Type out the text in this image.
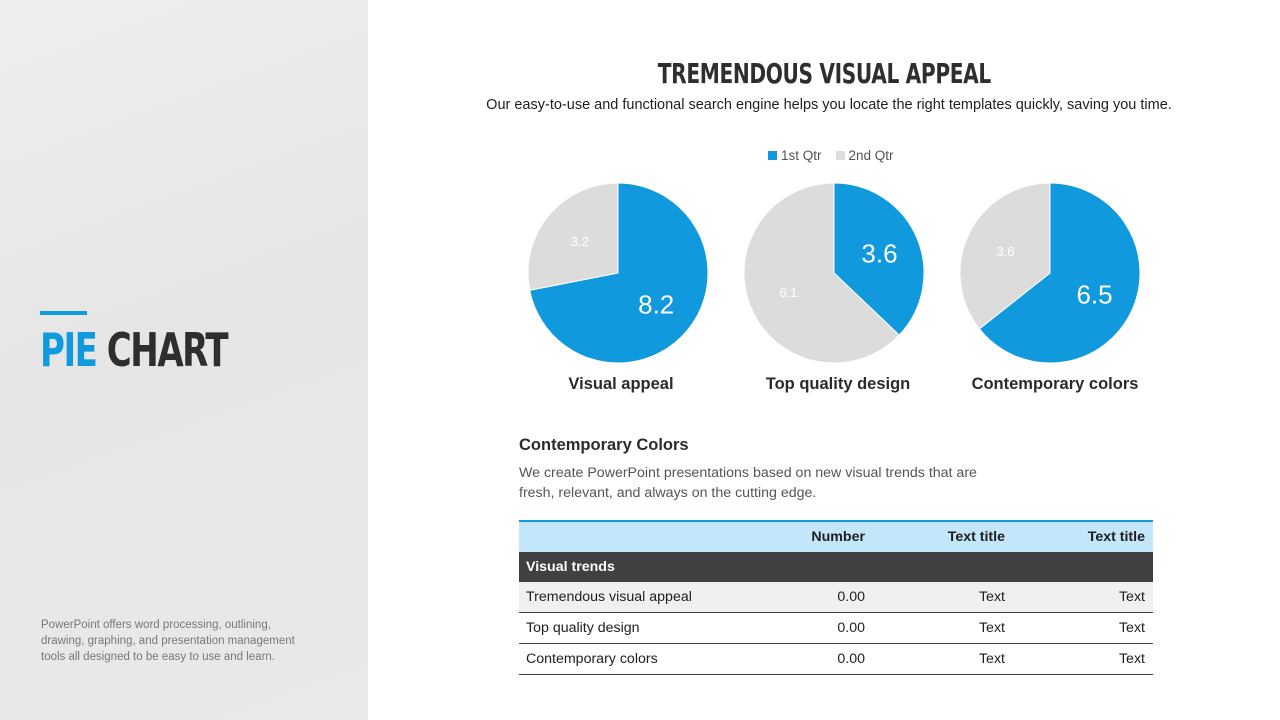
PIE CHART

PowerPoint offers word processing, outlining, drawing, graphing, and presentation management tools all designed to be easy to use and learn.

TREMENDOUS VISUAL APPEAL

Our easy-to-use and functional search engine helps you locate the right templates quickly, saving you time.

1st Qtr 2nd Qtr
8.2
3.2	3.6
6.1	6.5
3.6

Visual appeal	Top quality design	Contemporary colors

Contemporary Colors

We create PowerPoint presentations based on new visual trends that are fresh, relevant, and always on the cutting edge.

	Number	Text title	Text title
Visual trends			
Tremendous visual appeal	0.00	Text	Text
Top quality design	0.00	Text	Text
Contemporary colors	0.00	Text	Text
